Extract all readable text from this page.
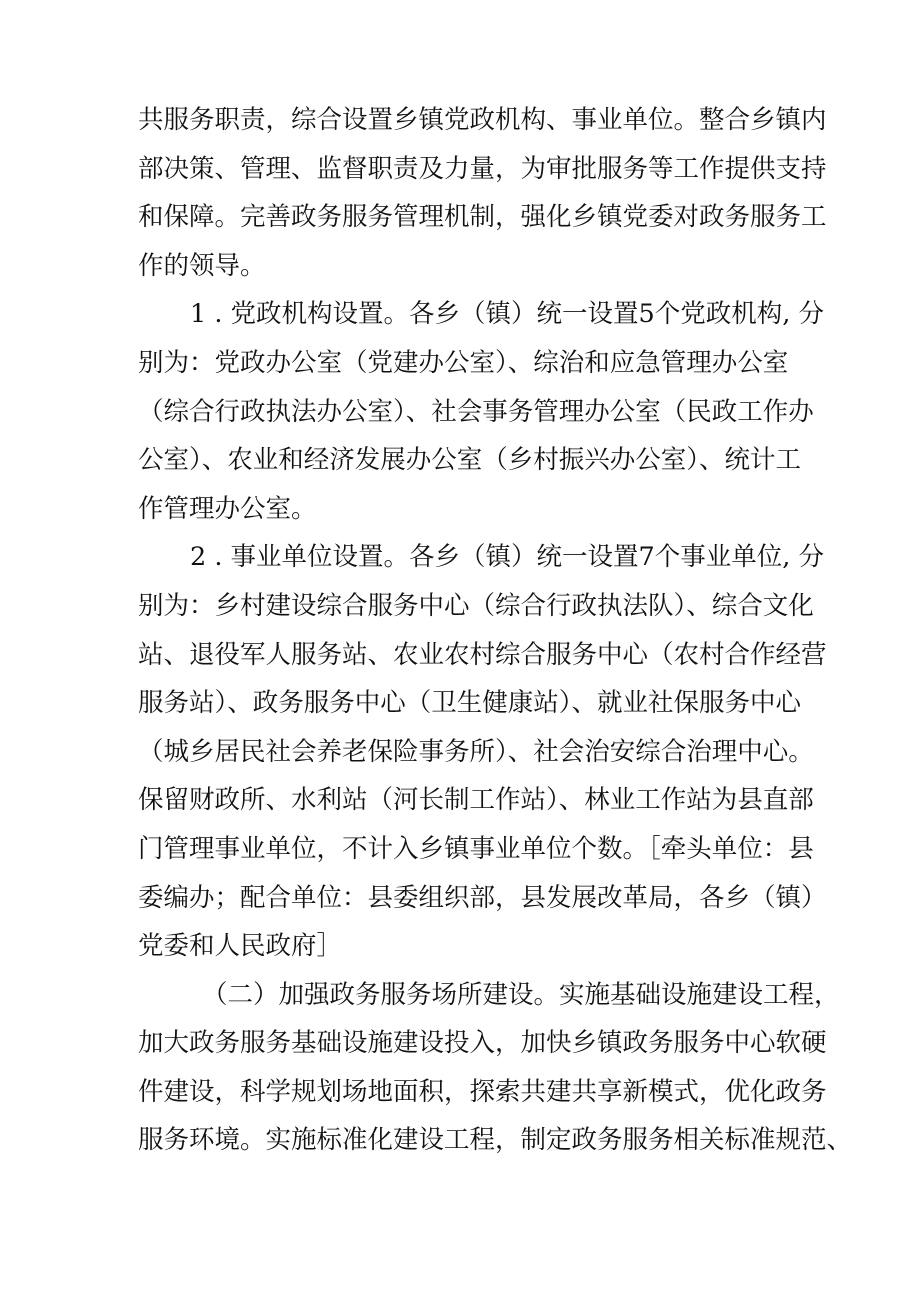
共服务职责，综合设置乡镇党政机构、事业单位。整合乡镇内
部决策、管理、监督职责及力量，为审批服务等工作提供支持
和保障。完善政务服务管理机制，强化乡镇党委对政务服务工
作的领导。
1 . 党政机构设置。各乡（镇）统一设置5个党政机构, 分
别为：党政办公室（党建办公室）、综治和应急管理办公室
（综合行政执法办公室）、社会事务管理办公室（民政工作办
公室）、农业和经济发展办公室（乡村振兴办公室）、统计工
作管理办公室。
2 . 事业单位设置。各乡（镇）统一设置7个事业单位, 分
别为：乡村建设综合服务中心（综合行政执法队）、综合文化
站、退役军人服务站、农业农村综合服务中心（农村合作经营
服务站）、政务服务中心（卫生健康站）、就业社保服务中心
（城乡居民社会养老保险事务所）、社会治安综合治理中心。
保留财政所、水利站（河长制工作站）、林业工作站为县直部
门管理事业单位，不计入乡镇事业单位个数。［牵头单位：县
委编办；配合单位：县委组织部，县发展改革局，各乡（镇）
党委和人民政府］
（二）加强政务服务场所建设。实施基础设施建设工程，
加大政务服务基础设施建设投入，加快乡镇政务服务中心软硬
件建设，科学规划场地面积，探索共建共享新模式，优化政务
服务环境。实施标准化建设工程，制定政务服务相关标准规范、
